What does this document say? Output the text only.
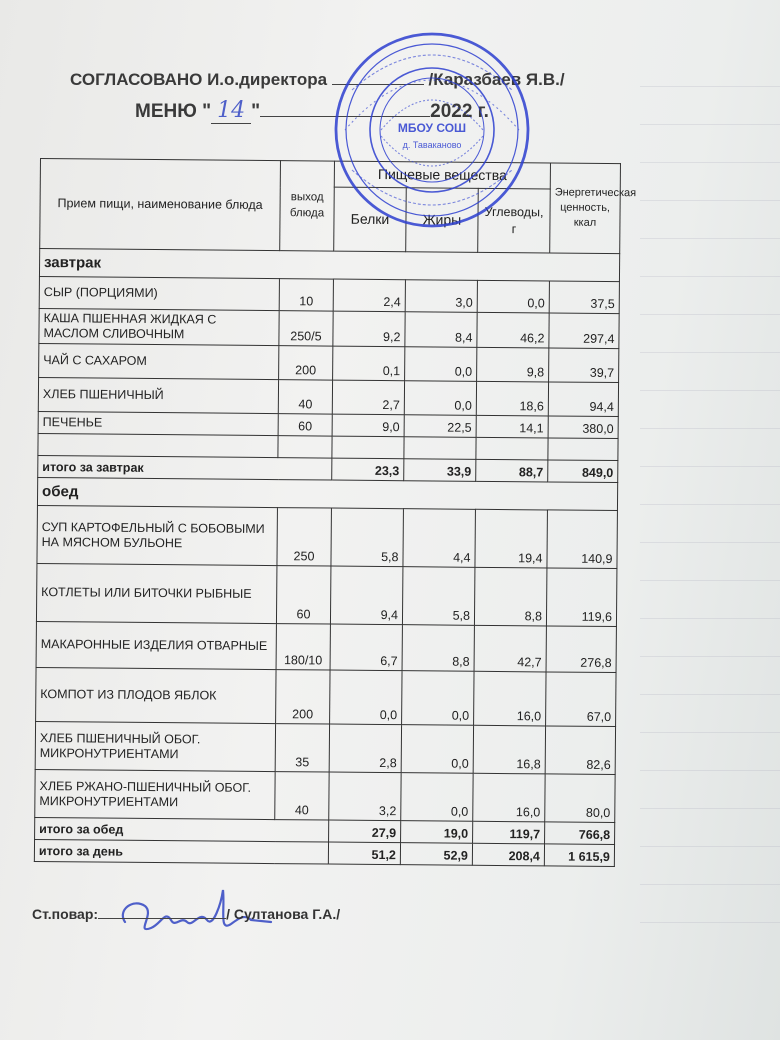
СОГЛАСОВАНО И.о.директора	/Каразбаев Я.В./
МЕНЮ " 14 "	2022 г.
Прием пищи, наименование блюда	выход блюда	Пищевые вещества			Энергетическая ценность, ккал
		Белки	Жиры	Углеводы, г	
завтрак					
СЫР (ПОРЦИЯМИ)	10	2,4	3,0	0,0	37,5
КАША ПШЕННАЯ ЖИДКАЯ С МАСЛОМ СЛИВОЧНЫМ	250/5	9,2	8,4	46,2	297,4
ЧАЙ С САХАРОМ	200	0,1	0,0	9,8	39,7
ХЛЕБ ПШЕНИЧНЫЙ	40	2,7	0,0	18,6	94,4
ПЕЧЕНЬЕ	60	9,0	22,5	14,1	380,0

итого за завтрак		23,3	33,9	88,7	849,0
обед					
СУП КАРТОФЕЛЬНЫЙ С БОБОВЫМИ НА МЯСНОМ БУЛЬОНЕ	250	5,8	4,4	19,4	140,9
КОТЛЕТЫ ИЛИ БИТОЧКИ РЫБНЫЕ	60	9,4	5,8	8,8	119,6
МАКАРОННЫЕ ИЗДЕЛИЯ ОТВАРНЫЕ	180/10	6,7	8,8	42,7	276,8
КОМПОТ ИЗ ПЛОДОВ ЯБЛОК	200	0,0	0,0	16,0	67,0
ХЛЕБ ПШЕНИЧНЫЙ ОБОГ. МИКРОНУТРИЕНТАМИ	35	2,8	0,0	16,8	82,6
ХЛЕБ РЖАНО-ПШЕНИЧНЫЙ ОБОГ. МИКРОНУТРИЕНТАМИ	40	3,2	0,0	16,0	80,0
итого за обед		27,9	19,0	119,7	766,8
итого за день		51,2	52,9	208,4	1 615,9
МБОУ СОШ
д. Таваканово
Ст.повар:	/ Султанова Г.А./
